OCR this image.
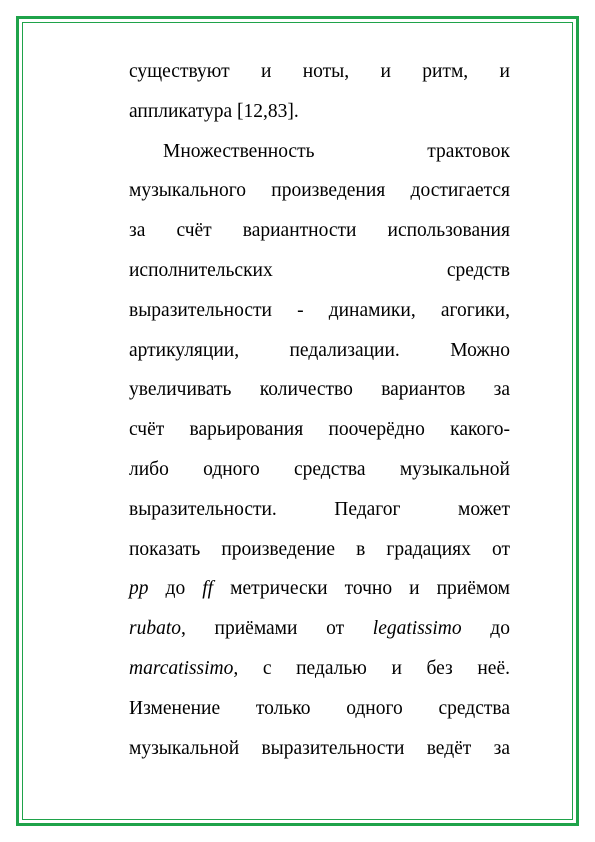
существуют и ноты, и ритм, и
аппликатура [12,83].
Множественность	трактовок
музыкального произведения достигается
за счёт вариантности использования
исполнительских	средств
выразительности - динамики, агогики,
артикуляции,	педализации.	Можно
увеличивать количество вариантов за
счёт варьирования поочерёдно какого-
либо одного средства музыкальной
выразительности.	Педагог	может
показать произведение в градациях от
pp до ff метрически точно и приёмом
rubato, приёмами от legatissimo до
marcatissimo, с педалью и без неё.
Изменение только одного средства
музыкальной выразительности ведёт за
